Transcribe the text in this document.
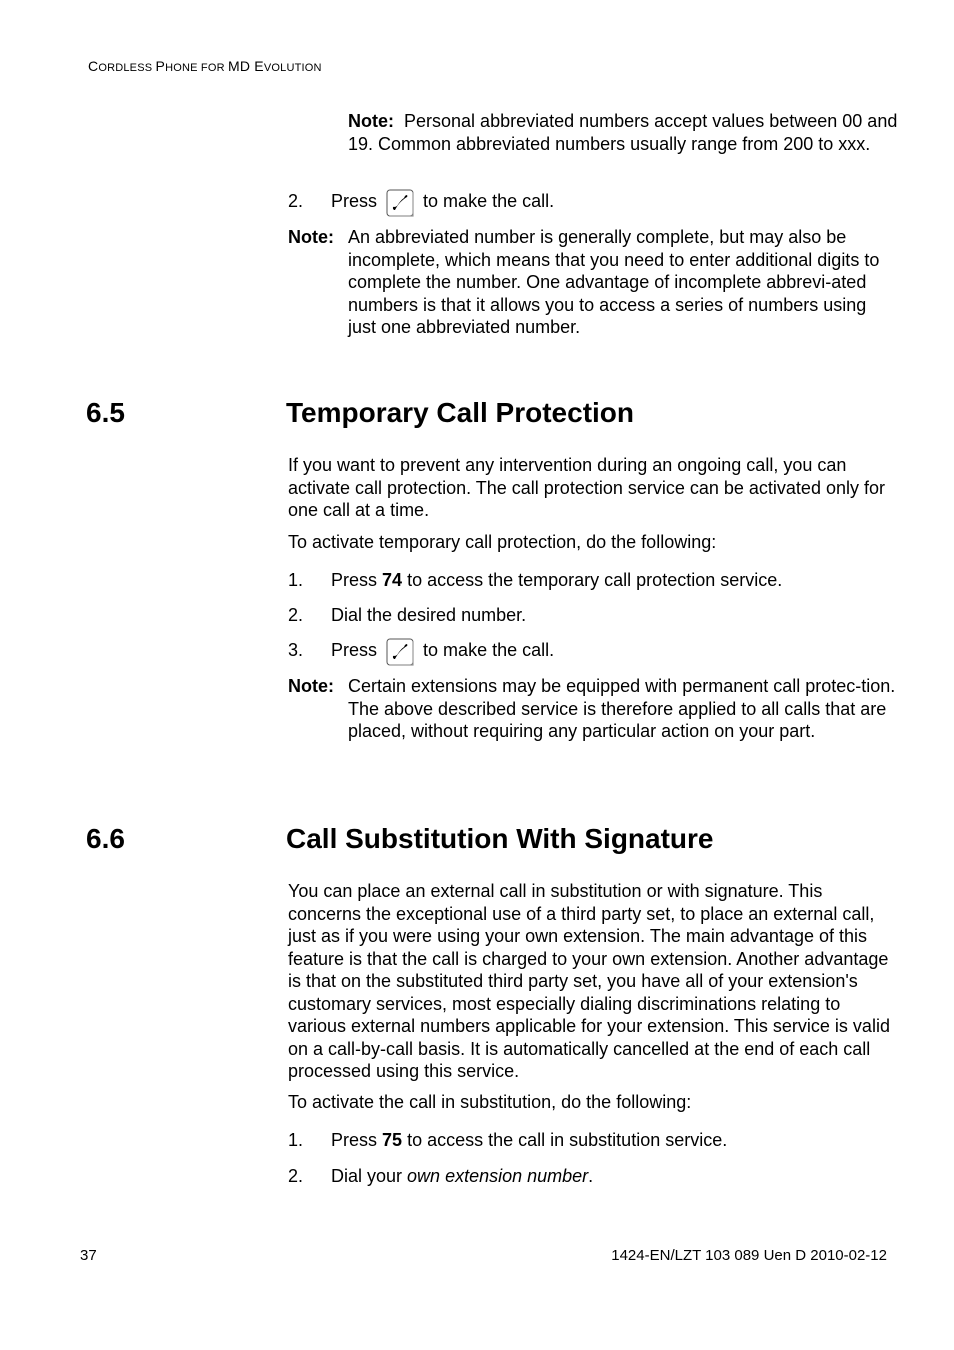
CORDLESS PHONE FOR MD EVOLUTION
Note: Personal abbreviated numbers accept values between 00 and 19. Common abbreviated numbers usually range from 200 to xxx.
2. Press	to make the call.
Note: An abbreviated number is generally complete, but may also be incomplete, which means that you need to enter additional digits to complete the number. One advantage of incomplete abbrevi-ated numbers is that it allows you to access a series of numbers using just one abbreviated number.
6.5	Temporary Call Protection
If you want to prevent any intervention during an ongoing call, you can activate call protection. The call protection service can be activated only for one call at a time.
To activate temporary call protection, do the following:
1. Press 74 to access the temporary call protection service.
2. Dial the desired number.
3. Press	to make the call.
Note: Certain extensions may be equipped with permanent call protec-tion. The above described service is therefore applied to all calls that are placed, without requiring any particular action on your part.
6.6	Call Substitution With Signature
You can place an external call in substitution or with signature. This concerns the exceptional use of a third party set, to place an external call, just as if you were using your own extension. The main advantage of this feature is that the call is charged to your own extension. Another advantage is that on the substituted third party set, you have all of your extension's customary services, most especially dialing discriminations relating to various external numbers applicable for your extension. This service is valid on a call-by-call basis. It is automatically cancelled at the end of each call processed using this service.
To activate the call in substitution, do the following:
1. Press 75 to access the call in substitution service.
2. Dial your own extension number.
37	1424-EN/LZT 103 089 Uen D 2010-02-12
